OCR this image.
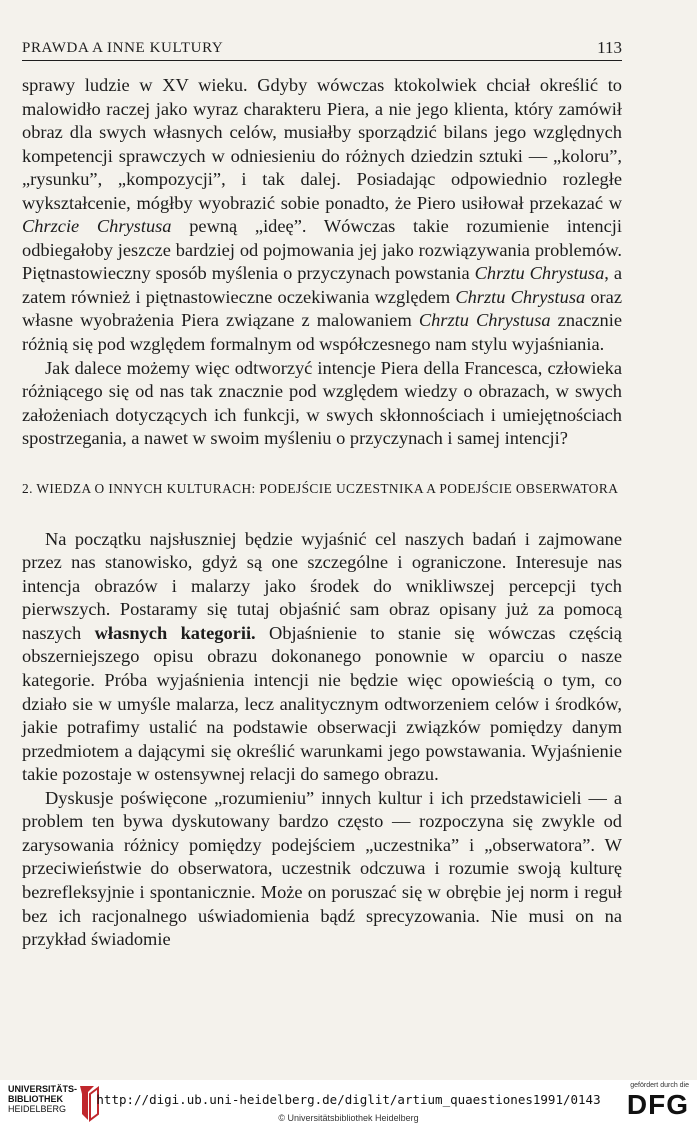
PRAWDA A INNE KULTURY	113

sprawy ludzie w XV wieku. Gdyby wówczas ktokolwiek chciał określić to malowidło raczej jako wyraz charakteru Piera, a nie jego klienta, który zamówił obraz dla swych własnych celów, musiałby sporządzić bilans jego względnych kompetencji sprawczych w odniesieniu do różnych dziedzin sztuki — „koloru”, „rysunku”, „kompozycji”, i tak dalej. Posiadając odpowiednio rozległe wykształcenie, mógłby wyobrazić sobie ponadto, że Piero usiłował przekazać w Chrzcie Chrystusa pewną „ideę”. Wówczas takie rozumienie intencji odbiegałoby jeszcze bardziej od pojmowania jej jako rozwiązywania problemów. Piętnastowieczny sposób myślenia o przyczynach powstania Chrztu Chrystusa, a zatem również i piętnastowieczne oczekiwania względem Chrztu Chrystusa oraz własne wyobrażenia Piera związane z malowaniem Chrztu Chrystusa znacznie różnią się pod względem formalnym od współczesnego nam stylu wyjaśniania.

Jak dalece możemy więc odtworzyć intencje Piera della Francesca, człowieka różniącego się od nas tak znacznie pod względem wiedzy o obrazach, w swych założeniach dotyczących ich funkcji, w swych skłonnościach i umiejętnościach spostrzegania, a nawet w swoim myśleniu o przyczynach i samej intencji?

2. WIEDZA O INNYCH KULTURACH: PODEJŚCIE UCZESTNIKA A PODEJŚCIE OBSERWATORA

Na początku najsłuszniej będzie wyjaśnić cel naszych badań i zajmowane przez nas stanowisko, gdyż są one szczególne i ograniczone. Interesuje nas intencja obrazów i malarzy jako środek do wnikliwszej percepcji tych pierwszych. Postaramy się tutaj objaśnić sam obraz opisany już za pomocą naszych własnych kategorii. Objaśnienie to stanie się wówczas częścią obszerniejszego opisu obrazu dokonanego ponownie w oparciu o nasze kategorie. Próba wyjaśnienia intencji nie będzie więc opowieścią o tym, co działo sie w umyśle malarza, lecz analitycznym odtworzeniem celów i środków, jakie potrafimy ustalić na podstawie obserwacji związków pomiędzy danym przedmiotem a dającymi się określić warunkami jego powstawania. Wyjaśnienie takie pozostaje w ostensywnej relacji do samego obrazu.

Dyskusje poświęcone „rozumieniu” innych kultur i ich przedstawicieli — a problem ten bywa dyskutowany bardzo często — rozpoczyna się zwykle od zarysowania różnicy pomiędzy podejściem „uczestnika” i „obserwatora”. W przeciwieństwie do obserwatora, uczestnik odczuwa i rozumie swoją kulturę bezrefleksyjnie i spontanicznie. Może on poruszać się w obrębie jej norm i reguł bez ich racjonalnego uświadomienia bądź sprecyzowania. Nie musi on na przykład świadomie

UNIVERSITÄTS-
BIBLIOTHEK
HEIDELBERG
http://digi.ub.uni-heidelberg.de/diglit/artium_quaestiones1991/0143
© Universitätsbibliothek Heidelberg
gefördert durch die
DFG
